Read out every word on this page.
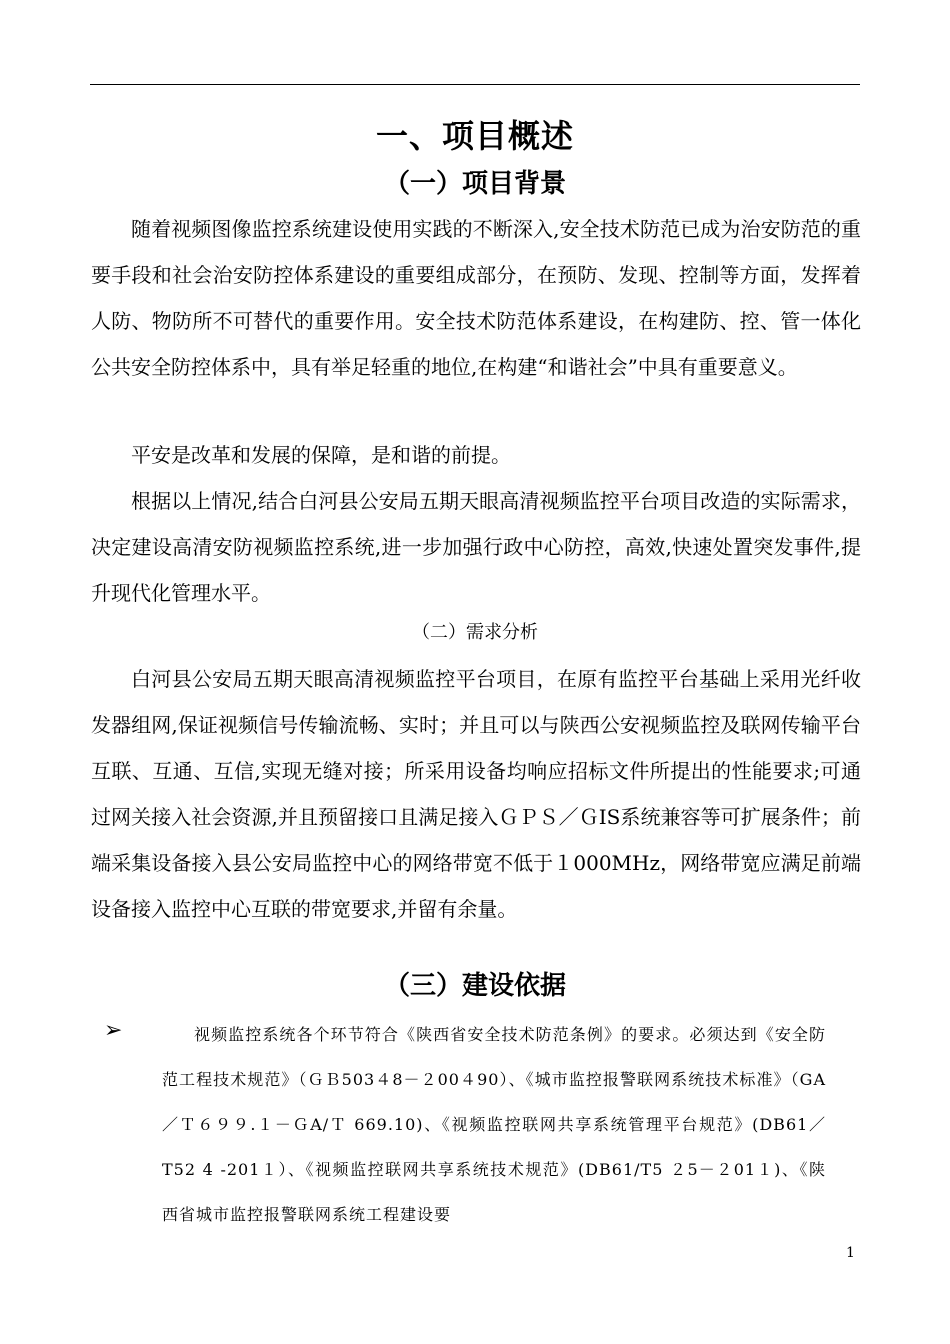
一、项目概述
（一）项目背景

随着视频图像监控系统建设使用实践的不断深入,安全技术防范已成为治安防范的重要手段和社会治安防控体系建设的重要组成部分，在预防、发现、控制等方面，发挥着人防、物防所不可替代的重要作用。安全技术防范体系建设，在构建防、控、管一体化公共安全防控体系中，具有举足轻重的地位,在构建“和谐社会”中具有重要意义。

平安是改革和发展的保障，是和谐的前提。

根据以上情况,结合白河县公安局五期天眼高清视频监控平台项目改造的实际需求，决定建设高清安防视频监控系统,进一步加强行政中心防控，高效,快速处置突发事件,提升现代化管理水平。

（二）需求分析

白河县公安局五期天眼高清视频监控平台项目，在原有监控平台基础上采用光纤收发器组网,保证视频信号传输流畅、实时；并且可以与陕西公安视频监控及联网传输平台互联、互通、互信,实现无缝对接；所采用设备均响应招标文件所提出的性能要求;可通过网关接入社会资源,并且预留接口且满足接入ＧＰＳ／ＧIS系统兼容等可扩展条件；前端采集设备接入县公安局监控中心的网络带宽不低于１000MHz，网络带宽应满足前端设备接入监控中心互联的带宽要求,并留有余量。

（三）建设依据
➢	视频监控系统各个环节符合《陕西省安全技术防范条例》的要求。必须达到《安全防范工程技术规范》（ＧＢ503４8－２00４90）、《城市监控报警联网系统技术标准》（GA／Ｔ６９９.１－ＧA/Ｔ 669.10)、《视频监控联网共享系统管理平台规范》(DB61／T52 4 -201１）、《视频监控联网共享系统技术规范》(DB61/T5 ２5－２01１)、《陕西省城市监控报警联网系统工程建设要

1
